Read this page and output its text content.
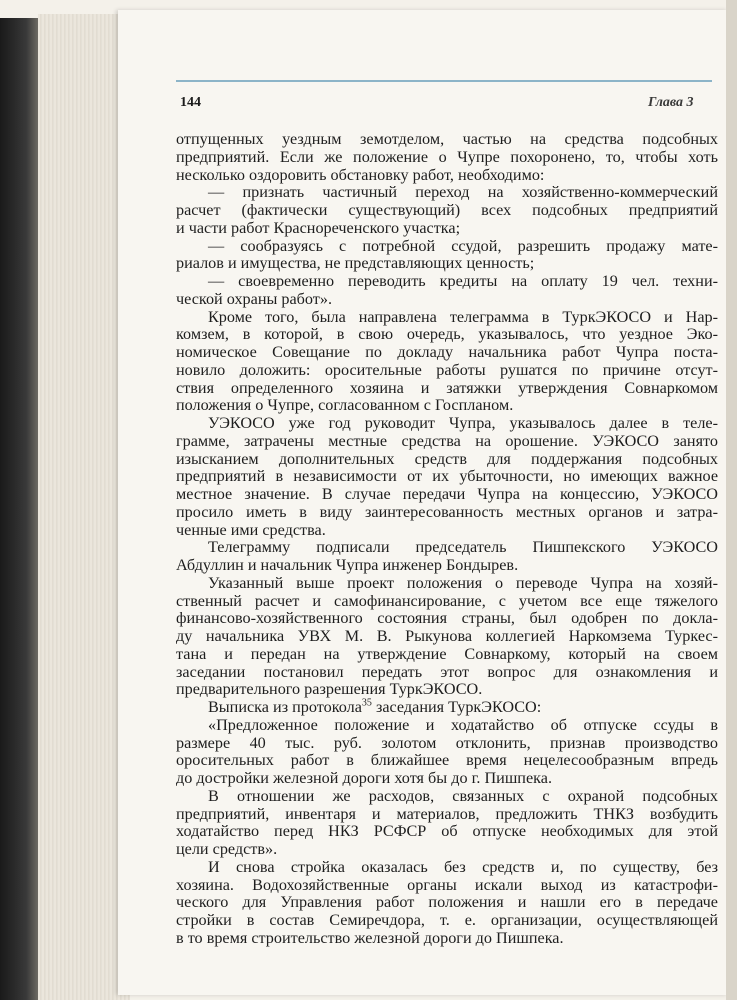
144	Глава 3

отпущенных уездным земотделом, частью на средства подсобных

предприятий. Если же положение о Чупре похоронено, то, чтобы хоть

несколько оздоровить обстановку работ, необходимо:

— признать частичный переход на хозяйственно-коммерческий

расчет (фактически существующий) всех подсобных предприятий

и части работ Краснореченского участка;

— сообразуясь с потребной ссудой, разрешить продажу мате-

риалов и имущества, не представляющих ценность;

— своевременно переводить кредиты на оплату 19 чел. техни-

ческой охраны работ».

Кроме того, была направлена телеграмма в ТуркЭКОСО и Нар-

комзем, в которой, в свою очередь, указывалось, что уездное Эко-

номическое Совещание по докладу начальника работ Чупра поста-

новило доложить: оросительные работы рушатся по причине отсут-

ствия определенного хозяина и затяжки утверждения Совнаркомом

положения о Чупре, согласованном с Госпланом.

УЭКОСО уже год руководит Чупра, указывалось далее в теле-

грамме, затрачены местные средства на орошение. УЭКОСО занято

изысканием дополнительных средств для поддержания подсобных

предприятий в независимости от их убыточности, но имеющих важное

местное значение. В случае передачи Чупра на концессию, УЭКОСО

просило иметь в виду заинтересованность местных органов и затра-

ченные ими средства.

Телеграмму подписали председатель Пишпекского УЭКОСО

Абдуллин и начальник Чупра инженер Бондырев.

Указанный выше проект положения о переводе Чупра на хозяй-

ственный расчет и самофинансирование, с учетом все еще тяжелого

финансово-хозяйственного состояния страны, был одобрен по докла-

ду начальника УВХ М. В. Рыкунова коллегией Наркомзема Туркес-

тана и передан на утверждение Совнаркому, который на своем

заседании постановил передать этот вопрос для ознакомления и

предварительного разрешения ТуркЭКОСО.

Выписка из протокола$^{35}$ заседания ТуркЭКОСО:

«Предложенное положение и ходатайство об отпуске ссуды в

размере 40 тыс. руб. золотом отклонить, признав производство

оросительных работ в ближайшее время нецелесообразным впредь

до достройки железной дороги хотя бы до г. Пишпека.

В отношении же расходов, связанных с охраной подсобных

предприятий, инвентаря и материалов, предложить ТНКЗ возбудить

ходатайство перед НКЗ РСФСР об отпуске необходимых для этой

цели средств».

И снова стройка оказалась без средств и, по существу, без

хозяина. Водохозяйственные органы искали выход из катастрофи-

ческого для Управления работ положения и нашли его в передаче

стройки в состав Семиречдора, т. е. организации, осуществляющей

в то время строительство железной дороги до Пишпека.
